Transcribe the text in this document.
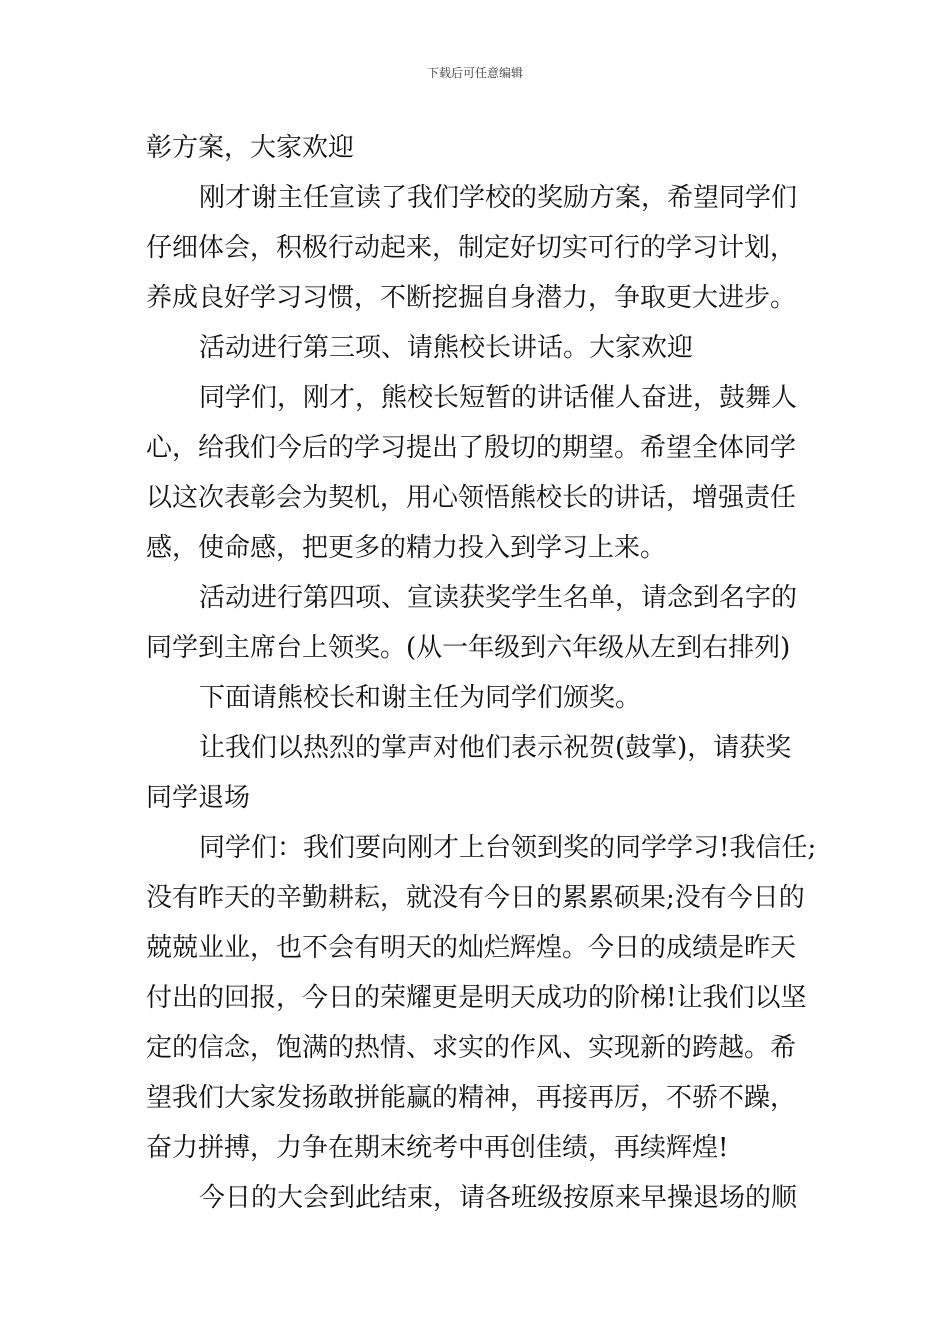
下载后可任意编辑
彰方案，大家欢迎
刚才谢主任宣读了我们学校的奖励方案，希望同学们
仔细体会，积极行动起来，制定好切实可行的学习计划，
养成良好学习习惯，不断挖掘自身潜力，争取更大进步。
活动进行第三项、请熊校长讲话。大家欢迎
同学们，刚才，熊校长短暂的讲话催人奋进，鼓舞人
心，给我们今后的学习提出了殷切的期望。希望全体同学
以这次表彰会为契机，用心领悟熊校长的讲话，增强责任
感，使命感，把更多的精力投入到学习上来。
活动进行第四项、宣读获奖学生名单，请念到名字的
同学到主席台上领奖。(从一年级到六年级从左到右排列)
下面请熊校长和谢主任为同学们颁奖。
让我们以热烈的掌声对他们表示祝贺(鼓掌)，请获奖
同学退场
同学们：我们要向刚才上台领到奖的同学学习!我信任;
没有昨天的辛勤耕耘，就没有今日的累累硕果;没有今日的
兢兢业业，也不会有明天的灿烂辉煌。今日的成绩是昨天
付出的回报，今日的荣耀更是明天成功的阶梯!让我们以坚
定的信念，饱满的热情、求实的作风、实现新的跨越。希
望我们大家发扬敢拼能赢的精神，再接再厉，不骄不躁，
奋力拼搏，力争在期末统考中再创佳绩，再续辉煌!
今日的大会到此结束，请各班级按原来早操退场的顺
